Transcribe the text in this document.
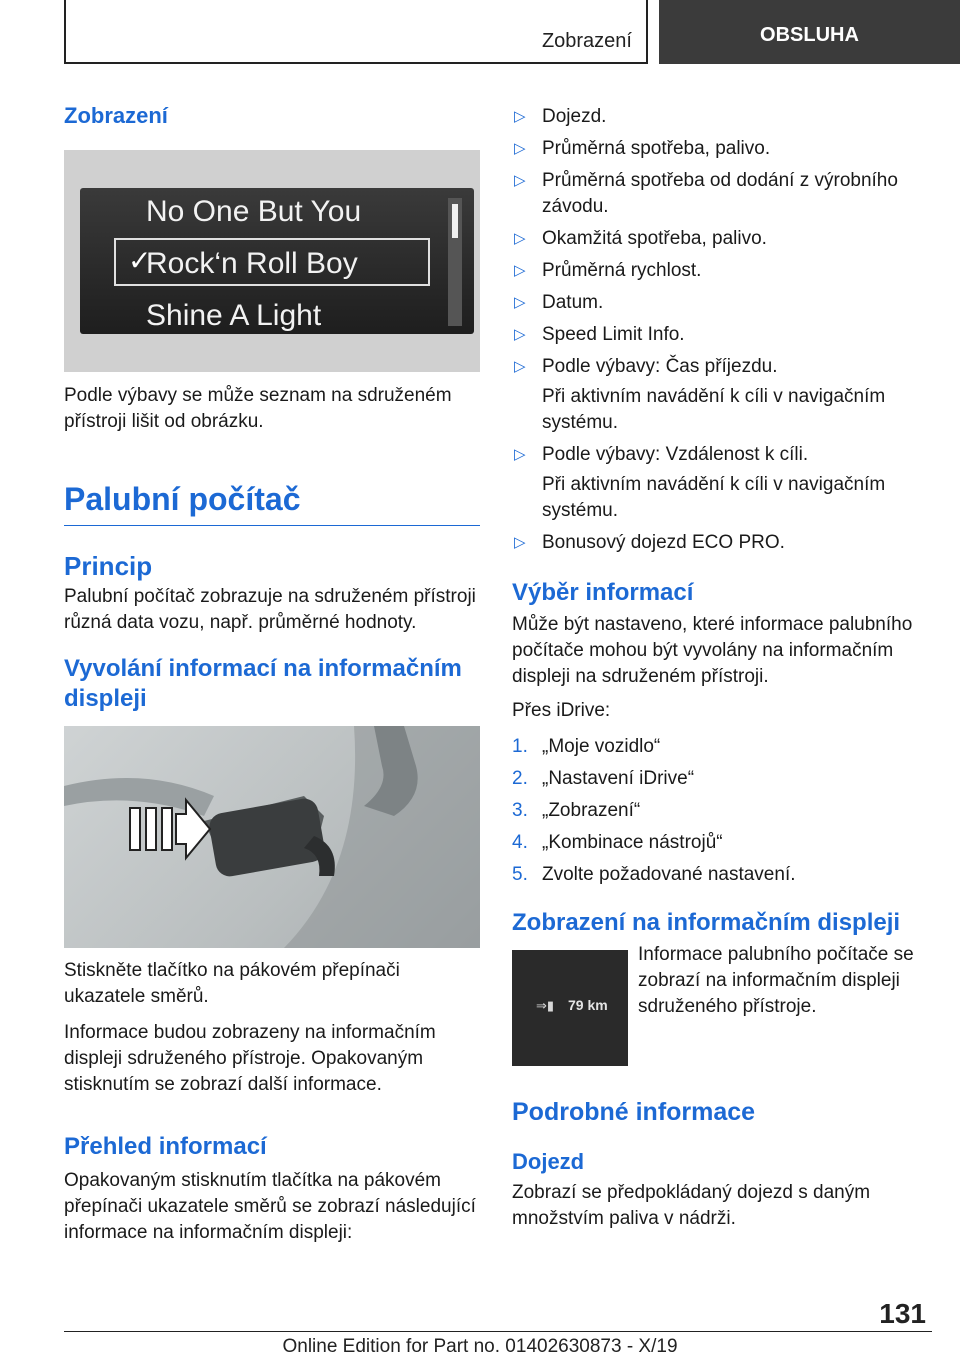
Zobrazení	OBSLUHA
Zobrazení
No One But You
✓
Rock‘n Roll Boy
Shine A Light

Podle výbavy se může seznam na sdruženém přístroji lišit od obrázku.

Palubní počítač
Princip

Palubní počítač zobrazuje na sdruženém přístroji různá data vozu, např. průměrné hodnoty.

Vyvolání informací na informačním displeji

Stiskněte tlačítko na pákovém přepínači ukazatele směrů.

Informace budou zobrazeny na informačním displeji sdruženého přístroje. Opakovaným stisknutím se zobrazí další informace.

Přehled informací

Opakovaným stisknutím tlačítka na pákovém přepínači ukazatele směrů se zobrazí následující informace na informačním displeji:

▷ Dojezd.
▷ Průměrná spotřeba, palivo.
▷ Průměrná spotřeba od dodání z výrobního závodu.
▷ Okamžitá spotřeba, palivo.
▷ Průměrná rychlost.
▷ Datum.
▷ Speed Limit Info.
▷ Podle výbavy: Čas příjezdu.
Při aktivním navádění k cíli v navigačním systému.
▷ Podle výbavy: Vzdálenost k cíli.
Při aktivním navádění k cíli v navigačním systému.
▷ Bonusový dojezd ECO PRO.
Výběr informací

Může být nastaveno, které informace palubního počítače mohou být vyvolány na informačním displeji na sdruženém přístroji.

Přes iDrive:

1. „Moje vozidlo“
2. „Nastavení iDrive“
3. „Zobrazení“
4. „Kombinace nástrojů“
5. Zvolte požadované nastavení.
Zobrazení na informačním displeji
⇒▮ 79 km

Informace palubního počítače se zobrazí na informačním displeji sdruženého přístroje.

Podrobné informace
Dojezd

Zobrazí se předpokládaný dojezd s daným množstvím paliva v nádrži.

131
Online Edition for Part no. 01402630873 - X/19
